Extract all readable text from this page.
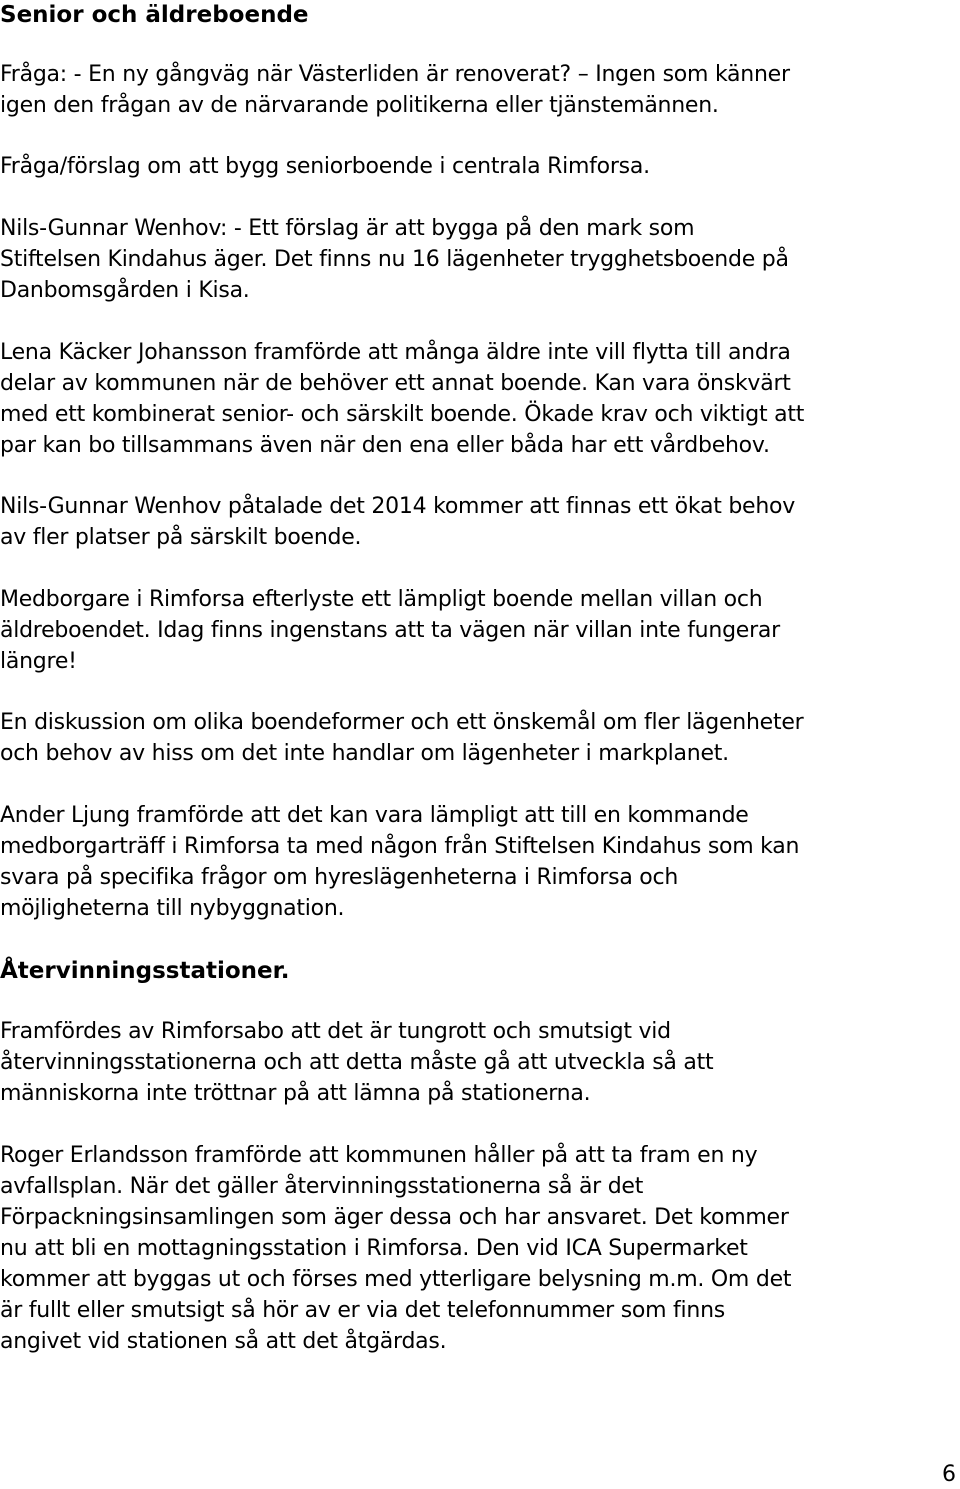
Senior och äldreboende

Fråga: - En ny gångväg när Västerliden är renoverat? – Ingen som känner
igen den frågan av de närvarande politikerna eller tjänstemännen.

Fråga/förslag om att bygg seniorboende i centrala Rimforsa.

Nils-Gunnar Wenhov: - Ett förslag är att bygga på den mark som
Stiftelsen Kindahus äger. Det finns nu 16 lägenheter trygghetsboende på
Danbomsgården i Kisa.

Lena Käcker Johansson framförde att många äldre inte vill flytta till andra
delar av kommunen när de behöver ett annat boende. Kan vara önskvärt
med ett kombinerat senior- och särskilt boende. Ökade krav och viktigt att
par kan bo tillsammans även när den ena eller båda har ett vårdbehov.

Nils-Gunnar Wenhov påtalade det 2014 kommer att finnas ett ökat behov
av fler platser på särskilt boende.

Medborgare i Rimforsa efterlyste ett lämpligt boende mellan villan och
äldreboendet. Idag finns ingenstans att ta vägen när villan inte fungerar
längre!

En diskussion om olika boendeformer och ett önskemål om fler lägenheter
och behov av hiss om det inte handlar om lägenheter i markplanet.

Ander Ljung framförde att det kan vara lämpligt att till en kommande
medborgarträff i Rimforsa ta med någon från Stiftelsen Kindahus som kan
svara på specifika frågor om hyreslägenheterna i Rimforsa och
möjligheterna till nybyggnation.

Återvinningsstationer.

Framfördes av Rimforsabo att det är tungrott och smutsigt vid
återvinningsstationerna och att detta måste gå att utveckla så att
människorna inte tröttnar på att lämna på stationerna.

Roger Erlandsson framförde att kommunen håller på att ta fram en ny
avfallsplan. När det gäller återvinningsstationerna så är det
Förpackningsinsamlingen som äger dessa och har ansvaret. Det kommer
nu att bli en mottagningsstation i Rimforsa. Den vid ICA Supermarket
kommer att byggas ut och förses med ytterligare belysning m.m. Om det
är fullt eller smutsigt så hör av er via det telefonnummer som finns
angivet vid stationen så att det åtgärdas.

6
